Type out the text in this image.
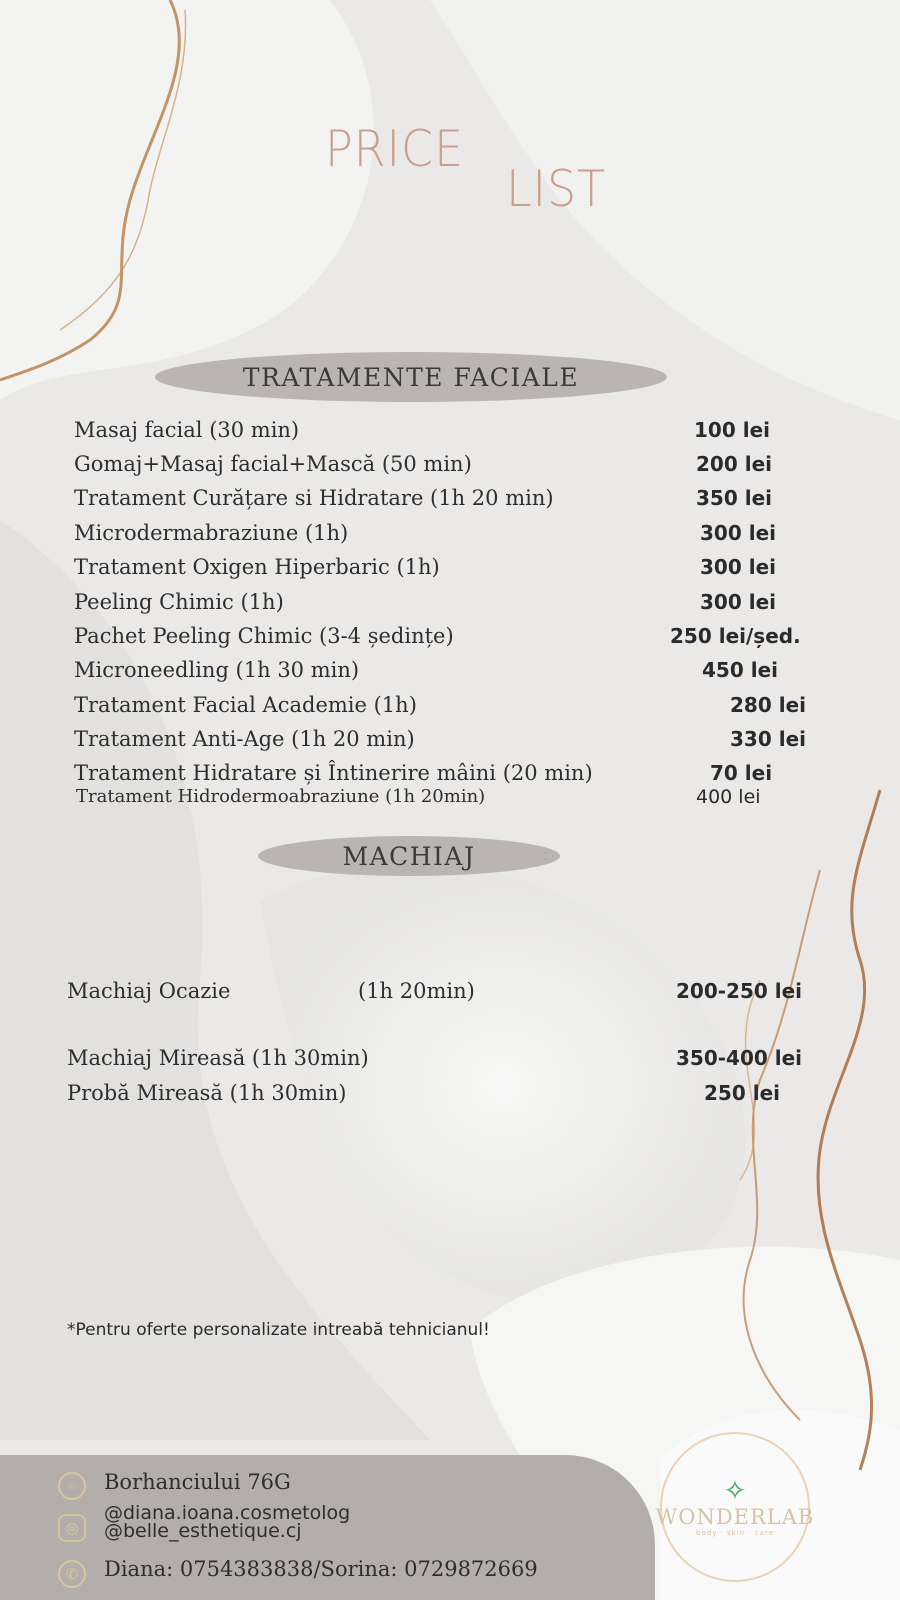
PRICE
LIST
TRATAMENTE FACIALE
Masaj facial (30 min)	100 lei
Gomaj+Masaj facial+Mască (50 min)	200 lei
Tratament Curățare si Hidratare (1h 20 min)	350 lei
Microdermabraziune (1h)	300 lei
Tratament Oxigen Hiperbaric (1h)	300 lei
Peeling Chimic (1h)	300 lei
Pachet Peeling Chimic (3-4 ședințe)	250 lei/șed.
Microneedling (1h 30 min)	450 lei
Tratament Facial Academie (1h)	280 lei
Tratament Anti-Age (1h 20 min)	330 lei
Tratament Hidratare și Întinerire mâini (20 min)	70 lei
Tratament Hidrodermoabraziune (1h 20min)	400 lei
MACHIAJ
Machiaj Ocazie	(1h 20min)	200-250 lei
Machiaj Mireasă (1h 30min)	350-400 lei
Probă Mireasă (1h 30min)	250 lei
*Pentru oferte personalizate intreabă tehnicianul!
⌾	Borhanciului 76G
◎
@diana.ioana.cosmetolog
@belle_esthetique.cj
✆	Diana: 0754383838/Sorina: 0729872669
✧
WONDERLAB
body · skin · care
